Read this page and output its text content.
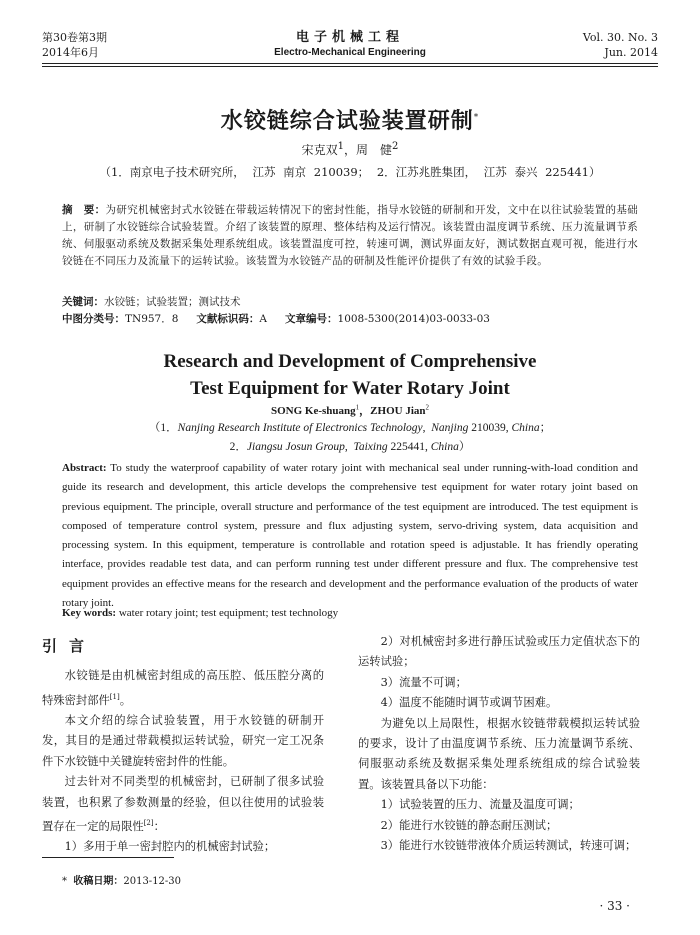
第30卷第3期
2014年6月
电子机械工程
Electro-Mechanical Engineering
Vol. 30. No. 3
Jun. 2014
水铰链综合试验装置研制*
宋克双$^1$，周　健$^2$
（1．南京电子技术研究所， 江苏 南京 210039； 2．江苏兆胜集团， 江苏 泰兴 225441）
摘　要：为研究机械密封式水铰链在带载运转情况下的密封性能，指导水铰链的研制和开发，文中在以往试验装置的基础上，研制了水铰链综合试验装置。介绍了该装置的原理、整体结构及运行情况。该装置由温度调节系统、压力流量调节系统、伺服驱动系统及数据采集处理系统组成。该装置温度可控，转速可调，测试界面友好，测试数据直观可视，能进行水铰链在不同压力及流量下的运转试验。该装置为水铰链产品的研制及性能评价提供了有效的试验手段。
关键词：水铰链；试验装置；测试技术
中图分类号：TN957．8 文献标识码：A 文章编号：1008-5300(2014)03-0033-03
Research and Development of Comprehensive
Test Equipment for Water Rotary Joint
SONG Ke-shuang$^1$，ZHOU Jian$^2$
（1．Nanjing Research Institute of Electronics Technology,  Nanjing 210039, China；
2．Jiangsu Josun Group,  Taixing 225441, China）
Abstract: To study the waterproof capability of water rotary joint with mechanical seal under running-with-load condition and guide its research and development, this article develops the comprehensive test equipment for water rotary joint based on previous equipment. The principle, overall structure and performance of the test equipment are introduced. The test equipment is composed of temperature control system, pressure and flux adjusting system, servo-driving system, data acquisition and processing system. In this equipment, temperature is controllable and rotation speed is adjustable. It has friendly operating interface, provides readable test data, and can perform running test under different pressure and flux. The comprehensive test equipment provides an effective means for the research and development and the performance evaluation of the products of water rotary joint.
Key words: water rotary joint; test equipment; test technology

引言

水铰链是由机械密封组成的高压腔、低压腔分离的特殊密封部件[1]。

本文介绍的综合试验装置，用于水铰链的研制开发，其目的是通过带载模拟运转试验，研究一定工况条件下水铰链中关键旋转密封件的性能。

过去针对不同类型的机械密封，已研制了很多试验装置，也积累了参数测量的经验，但以往使用的试验装置存在一定的局限性[2]：

1）多用于单一密封腔内的机械密封试验；

2）对机械密封多进行静压试验或压力定值状态下的运转试验；

3）流量不可调；

4）温度不能随时调节或调节困难。

为避免以上局限性，根据水铰链带载模拟运转试验的要求，设计了由温度调节系统、压力流量调节系统、伺服驱动系统及数据采集处理系统组成的综合试验装置。该装置具备以下功能：

1）试验装置的压力、流量及温度可调；

2）能进行水铰链的静态耐压测试；

3）能进行水铰链带液体介质运转测试，转速可调；

* 收稿日期：2013-12-30
· 33 ·
